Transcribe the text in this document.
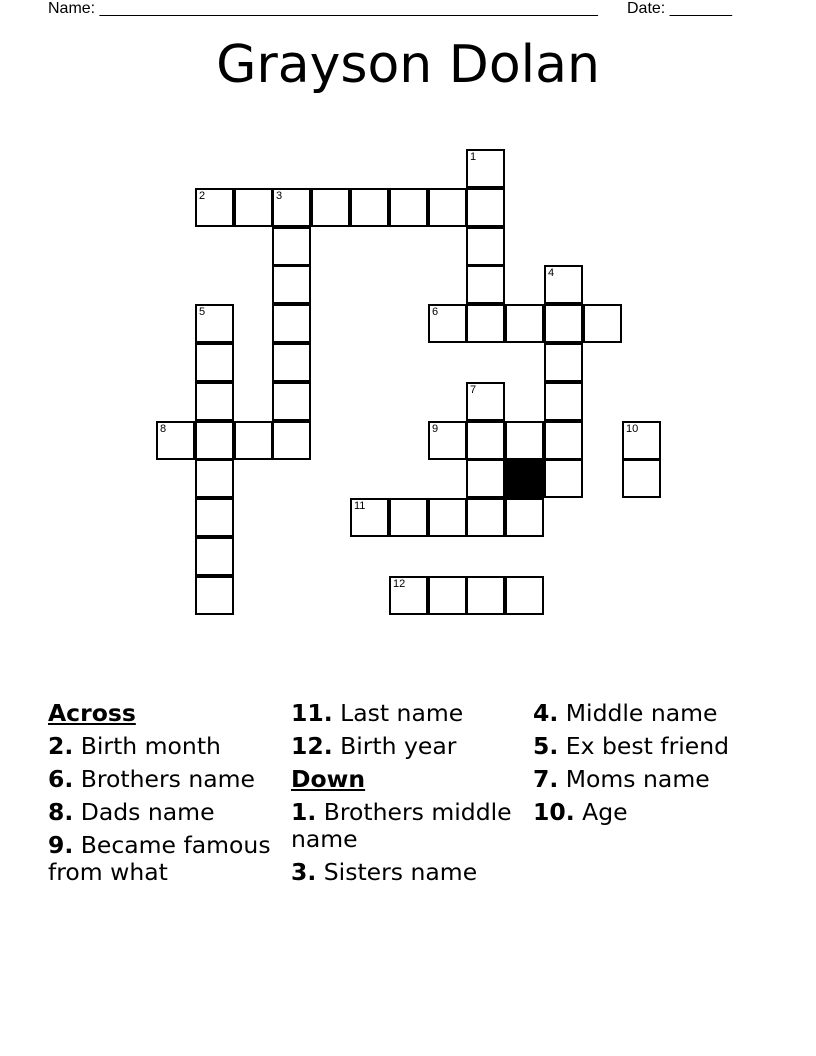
Name: ________________________________________________________ Date: _______
Grayson Dolan
1
2	3
4
5	6
7
8	9	10
11
12
Across
2. Birth month
6. Brothers name
8. Dads name
9. Became famous from what
11. Last name
12. Birth year
Down
1. Brothers middle name
3. Sisters name
4. Middle name
5. Ex best friend
7. Moms name
10. Age
